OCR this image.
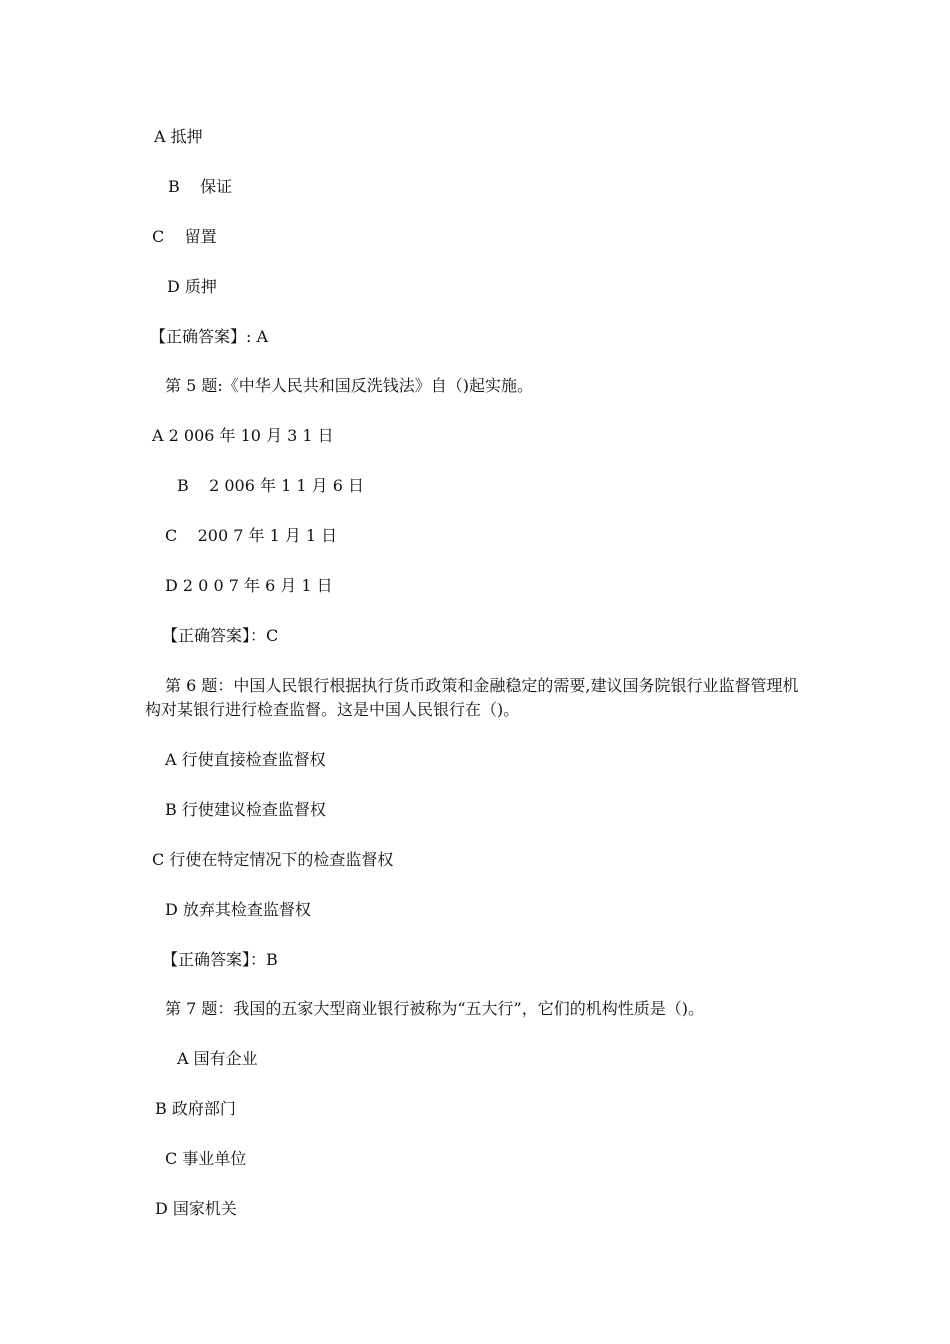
A 抵押
B    保证
C    留置
D 质押
【正确答案】: A
第 5 题:《中华人民共和国反洗钱法》自（)起实施。
A 2 006 年 10 月 3 1 日
B    2 006 年 1 1 月 6 日
C    200 7 年 1 月 1 日
D 2 0 0 7 年 6 月 1 日
【正确答案】：C
第 6 题：中国人民银行根据执行货币政策和金融稳定的需要,建议国务院银行业监督管理机构对某银行进行检查监督。这是中国人民银行在（)。
A 行使直接检查监督权
B 行使建议检查监督权
C 行使在特定情况下的检查监督权
D 放弃其检查监督权
【正确答案】：B
第 7 题：我国的五家大型商业银行被称为“五大行”，它们的机构性质是（)。
A 国有企业
B 政府部门
C 事业单位
D 国家机关
